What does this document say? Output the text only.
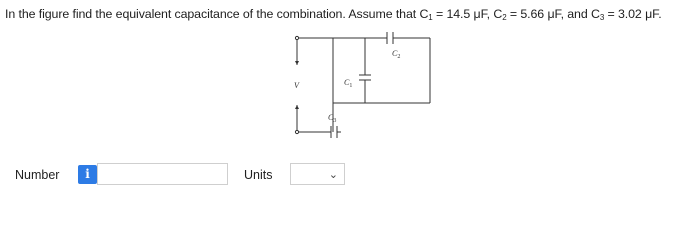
In the figure find the equivalent capacitance of the combination. Assume that $C_1 = 14.5$ μF, $C_2 = 5.66$ μF, and $C_3 = 3.02$ μF.
V	$C_1$
$C_2$
$C_3$
Number	i	Units	⌄
